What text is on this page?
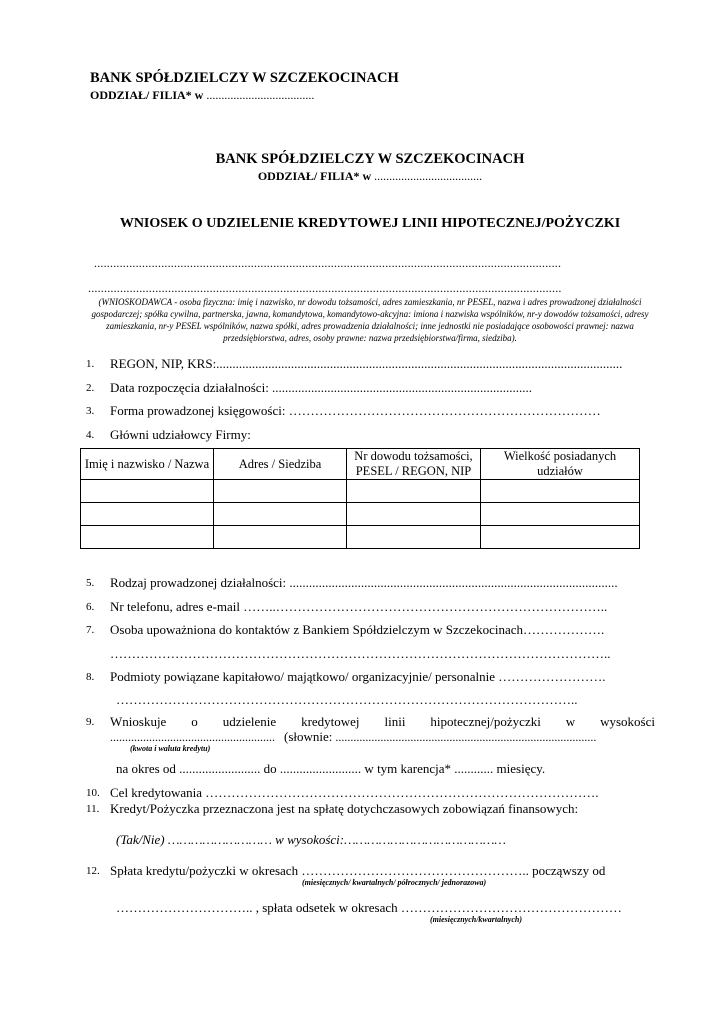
BANK SPÓŁDZIELCZY W SZCZEKOCINACH
ODDZIAŁ/ FILIA* w ....................................
BANK SPÓŁDZIELCZY W SZCZEKOCINACH
ODDZIAŁ/ FILIA* w ....................................
WNIOSEK O UDZIELENIE KREDYTOWEJ LINII HIPOTECZNEJ/POŻYCZKI
..................................................................................................................................................
....................................................................................................................................................
(WNIOSKODAWCA - osoba fizyczna: imię i nazwisko, nr dowodu tożsamości, adres zamieszkania, nr PESEL, nazwa i adres prowadzonej działalności gospodarczej; spółka cywilna, partnerska, jawna, komandytowa, komandytowo-akcyjna: imiona i nazwiska wspólników, nr-y dowodów tożsamości, adresy zamieszkania, nr-y PESEL wspólników, nazwa spółki, adres prowadzenia działalności; inne jednostki nie posiadające osobowości prawnej: nazwa przedsiębiorstwa, adres, osoby prawne: nazwa przedsiębiorstwa/firma, siedziba).
1. REGON, NIP, KRS:.............................................................................................................................
2. Data rozpoczęcia działalności: ................................................................................
3. Forma prowadzonej księgowości: ………………………………………………………………
4. Główni udziałowcy Firmy:
Imię i nazwisko / Nazwa	Adres / Siedziba	Nr dowodu tożsamości, PESEL / REGON, NIP	Wielkość posiadanych udziałów

5. Rodzaj prowadzonej działalności: .....................................................................................................
6. Nr telefonu, adres e-mail ……..…………………………………………………………………..
7. Osoba upoważniona do kontaktów z Bankiem Spółdzielczym w Szczekocinach……………….
……………………………………………………………………………………………………..
8. Podmioty powiązane kapitałowo/ majątkowo/ organizacyjnie/ personalnie …………………….
……………………………………………………………………………………………..
9. Wnioskuje o udzielenie kredytowej linii hipotecznej/pożyczki w wysokości
....................................................... (słownie: .......................................................................................
(kwota i waluta kredytu)
na okres od ......................... do ......................... w tym karencja* ............ miesięcy.
10. Cel kredytowania ……………………………………………………………………………….
11. Kredyt/Pożyczka przeznaczona jest na spłatę dotychczasowych zobowiązań finansowych:
(Tak/Nie) ……………………… w wysokości:……………………………………
12. Spłata kredytu/pożyczki w okresach …………………………………………….. począwszy od
(miesięcznych/ kwartalnych/ półrocznych/ jednorazowa)
………………………….. , spłata odsetek w okresach ……………………………………………
(miesięcznych/kwartalnych)
